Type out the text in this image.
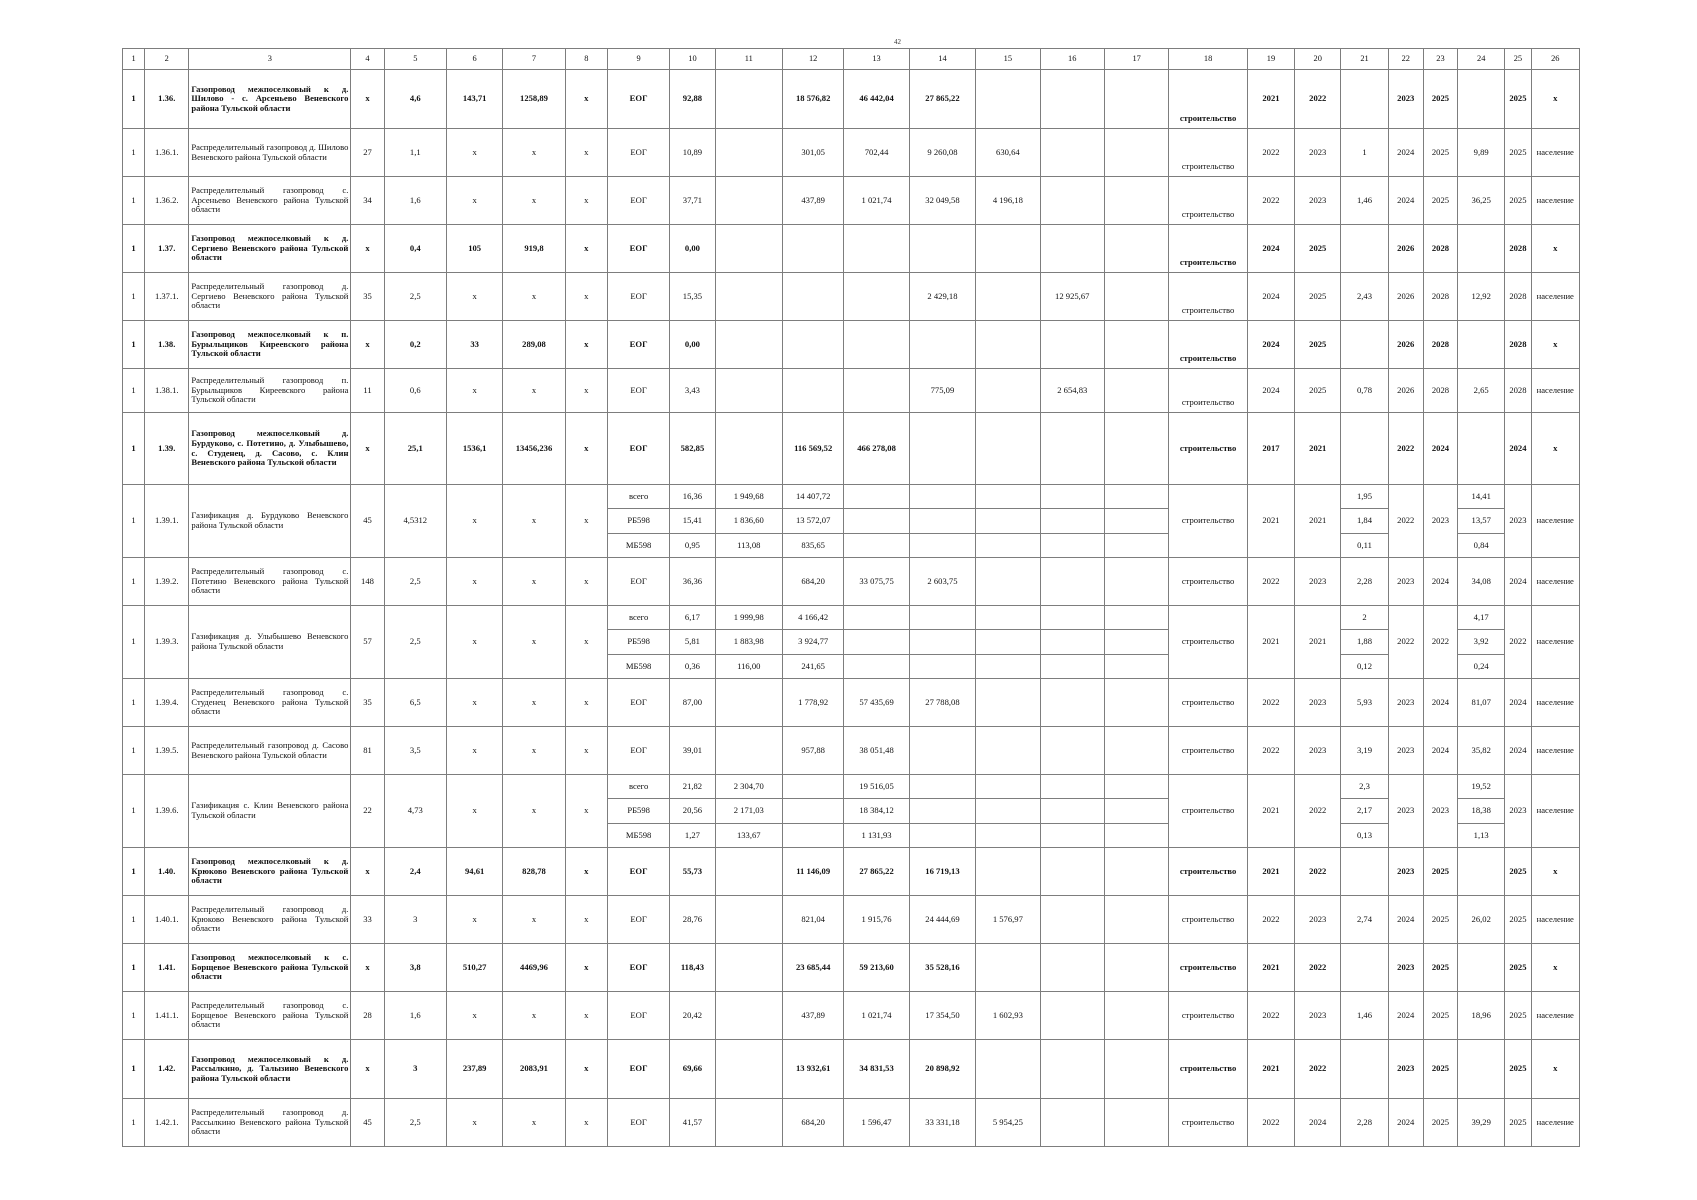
42
1	2	3	4	5	6	7	8	9	10	11	12	13	14	15	16	17	18	19	20	21	22	23	24	25	26
1	1.36.	Газопровод межпоселковый к д. Шилово - с. Арсеньево Веневского района Тульской области	x	4,6	143,71	1258,89	x	ЕОГ	92,88		18 576,82	46 442,04	27 865,22				строительство	2021	2022		2023	2025		2025	x
1	1.36.1.	Распределительный газопровод д. Шилово Веневского района Тульской области	27	1,1	x	x	x	ЕОГ	10,89		301,05	702,44	9 260,08	630,64			строительство	2022	2023	1	2024	2025	9,89	2025	население
1	1.36.2.	Распределительный газопровод с. Арсеньево Веневского района Тульской области	34	1,6	x	x	x	ЕОГ	37,71		437,89	1 021,74	32 049,58	4 196,18			строительство	2022	2023	1,46	2024	2025	36,25	2025	население
1	1.37.	Газопровод межпоселковый к д. Сергиево Веневского района Тульской области	x	0,4	105	919,8	x	ЕОГ	0,00								строительство	2024	2025		2026	2028		2028	x
1	1.37.1.	Распределительный газопровод д. Сергиево Веневского района Тульской области	35	2,5	x	x	x	ЕОГ	15,35				2 429,18		12 925,67		строительство	2024	2025	2,43	2026	2028	12,92	2028	население
1	1.38.	Газопровод межпоселковый к п. Бурыльщиков Киреевского района Тульской области	x	0,2	33	289,08	x	ЕОГ	0,00								строительство	2024	2025		2026	2028		2028	x
1	1.38.1.	Распределительный газопровод п. Бурыльщиков Киреевского района Тульской области	11	0,6	x	x	x	ЕОГ	3,43				775,09		2 654,83		строительство	2024	2025	0,78	2026	2028	2,65	2028	население
1	1.39.	Газопровод межпоселковый д. Бурдуково, с. Потетино, д. Улыбышево, с. Студенец, д. Сасово, с. Клин Веневского района Тульской области	x	25,1	1536,1	13456,236	x	ЕОГ	582,85		116 569,52	466 278,08					строительство	2017	2021		2022	2024		2024	x
1	1.39.1.	Газификация д. Бурдуково Веневского района Тульской области	45	4,5312	x	x	x	всего	16,36	1 949,68	14 407,72						строительство	2021	2021	1,95	2022	2023	14,41	2023	население
								РБ598	15,41	1 836,60	13 572,07									1,84			13,57		
								МБ598	0,95	113,08	835,65									0,11			0,84		
1	1.39.2.	Распределительный газопровод с. Потетино Веневского района Тульской области	148	2,5	x	x	x	ЕОГ	36,36		684,20	33 075,75	2 603,75				строительство	2022	2023	2,28	2023	2024	34,08	2024	население
1	1.39.3.	Газификация д. Улыбышево Веневского района Тульской области	57	2,5	x	x	x	всего	6,17	1 999,98	4 166,42						строительство	2021	2021	2	2022	2022	4,17	2022	население
								РБ598	5,81	1 883,98	3 924,77									1,88			3,92		
								МБ598	0,36	116,00	241,65									0,12			0,24		
1	1.39.4.	Распределительный газопровод с. Студенец Веневского района Тульской области	35	6,5	x	x	x	ЕОГ	87,00		1 778,92	57 435,69	27 788,08				строительство	2022	2023	5,93	2023	2024	81,07	2024	население
1	1.39.5.	Распределительный газопровод д. Сасово Веневского района Тульской области	81	3,5	x	x	x	ЕОГ	39,01		957,88	38 051,48					строительство	2022	2023	3,19	2023	2024	35,82	2024	население
1	1.39.6.	Газификация с. Клин Веневского района Тульской области	22	4,73	x	x	x	всего	21,82	2 304,70		19 516,05					строительство	2021	2022	2,3	2023	2023	19,52	2023	население
								РБ598	20,56	2 171,03		18 384,12								2,17			18,38		
								МБ598	1,27	133,67		1 131,93								0,13			1,13		
1	1.40.	Газопровод межпоселковый к д. Крюково Веневского района Тульской области	x	2,4	94,61	828,78	x	ЕОГ	55,73		11 146,09	27 865,22	16 719,13				строительство	2021	2022		2023	2025		2025	x
1	1.40.1.	Распределительный газопровод д. Крюково Веневского района Тульской области	33	3	x	x	x	ЕОГ	28,76		821,04	1 915,76	24 444,69	1 576,97			строительство	2022	2023	2,74	2024	2025	26,02	2025	население
1	1.41.	Газопровод межпоселковый к с. Борщевое Веневского района Тульской области	x	3,8	510,27	4469,96	x	ЕОГ	118,43		23 685,44	59 213,60	35 528,16				строительство	2021	2022		2023	2025		2025	x
1	1.41.1.	Распределительный газопровод с. Борщевое Веневского района Тульской области	28	1,6	x	x	x	ЕОГ	20,42		437,89	1 021,74	17 354,50	1 602,93			строительство	2022	2023	1,46	2024	2025	18,96	2025	население
1	1.42.	Газопровод межпоселковый к д. Рассылкино, д. Талызино Веневского района Тульской области	x	3	237,89	2083,91	x	ЕОГ	69,66		13 932,61	34 831,53	20 898,92				строительство	2021	2022		2023	2025		2025	x
1	1.42.1.	Распределительный газопровод д. Рассылкино Веневского района Тульской области	45	2,5	x	x	x	ЕОГ	41,57		684,20	1 596,47	33 331,18	5 954,25			строительство	2022	2024	2,28	2024	2025	39,29	2025	население
